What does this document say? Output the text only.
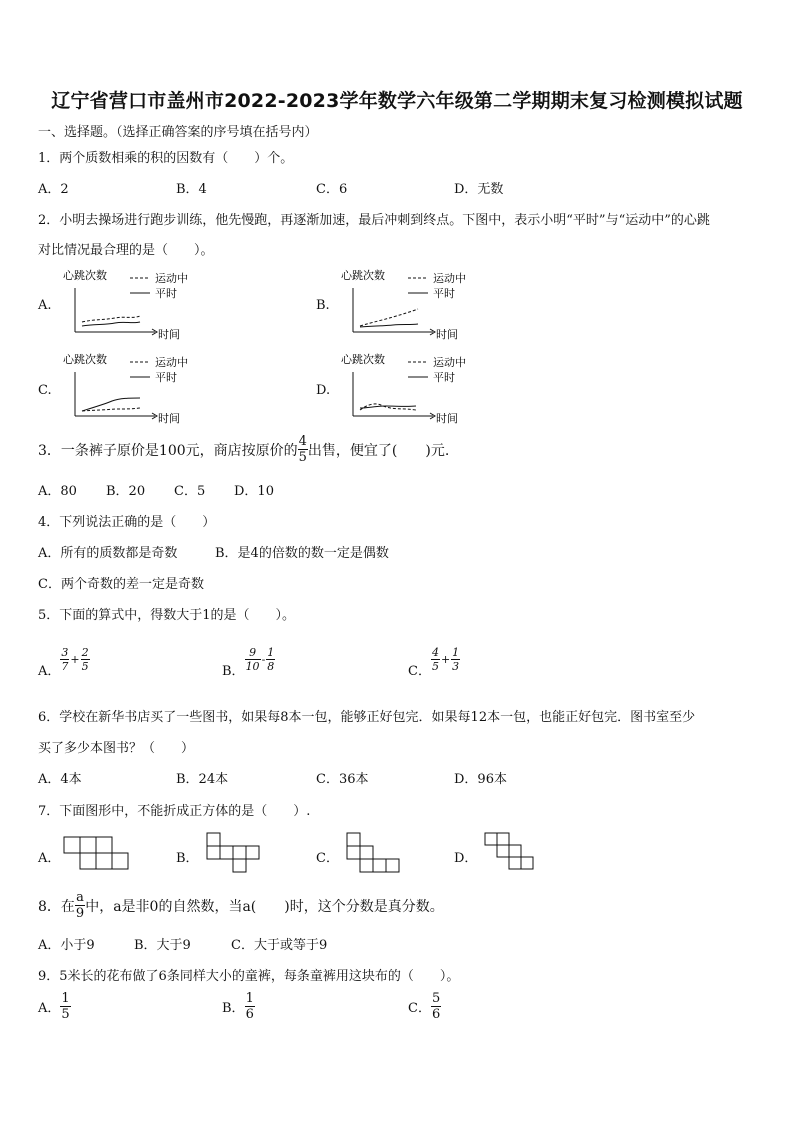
辽宁省营口市盖州市2022-2023学年数学六年级第二学期期末复习检测模拟试题
一、选择题。（选择正确答案的序号填在括号内）
1．两个质数相乘的积的因数有（　　）个。
A．2	B．4	C．6	D．无数
2．小明去操场进行跑步训练，他先慢跑，再逐渐加速，最后冲刺到终点。下图中，表示小明“平时”与“运动中”的心跳
对比情况最合理的是（　　）。
A.	B.
C.	D.
心跳次数	运动中
平时
时间
心跳次数	运动中
平时
时间
心跳次数	运动中
平时
时间
心跳次数	运动中
平时
时间
3．一条裤子原价是100元，商店按原价的 $\frac{4}{5}$ 出售，便宜了(　　)元.
A．80 B．20 C．5 D．10
4．下列说法正确的是（　　）
A．所有的质数都是奇数	B．是4的倍数的数一定是偶数
C．两个奇数的差一定是奇数
5．下面的算式中，得数大于1的是（　　）。
A． $\frac{3}{7} + \frac{2}{5}$	B． $\frac{9}{10} - \frac{1}{8}$	C． $\frac{4}{5} + \frac{1}{3}$
6．学校在新华书店买了一些图书，如果每8本一包，能够正好包完．如果每12本一包，也能正好包完．图书室至少
买了多少本图书？（　　）
A．4本	B．24本	C．36本	D．96本
7．下面图形中，不能折成正方体的是（　　）.
A．	B．	C．	D．
8．在 $\frac{a}{9}$ 中，a是非0的自然数，当a(　　)时，这个分数是真分数。
A．小于9	B．大于9	C．大于或等于9
9．5米长的花布做了6条同样大小的童裤，每条童裤用这块布的（　　）。
A． $\frac{1}{5}$	B． $\frac{1}{6}$	C． $\frac{5}{6}$
